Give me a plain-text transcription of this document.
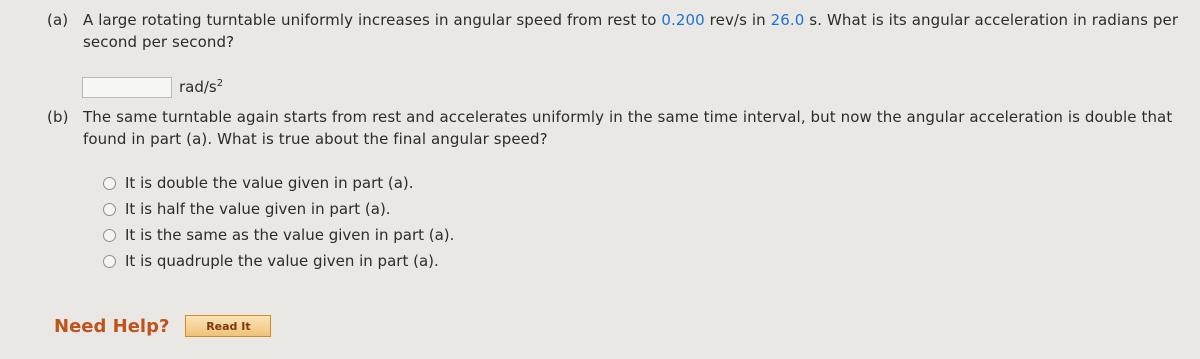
(a) A large rotating turntable uniformly increases in angular speed from rest to 0.200 rev/s in 26.0 s. What is its angular acceleration in radians per second per second?
rad/$s^2$
(b) The same turntable again starts from rest and accelerates uniformly in the same time interval, but now the angular acceleration is double that found in part (a). What is true about the final angular speed?
It is double the value given in part (a).
It is half the value given in part (a).
It is the same as the value given in part (a).
It is quadruple the value given in part (a).
Need Help?	Read It
